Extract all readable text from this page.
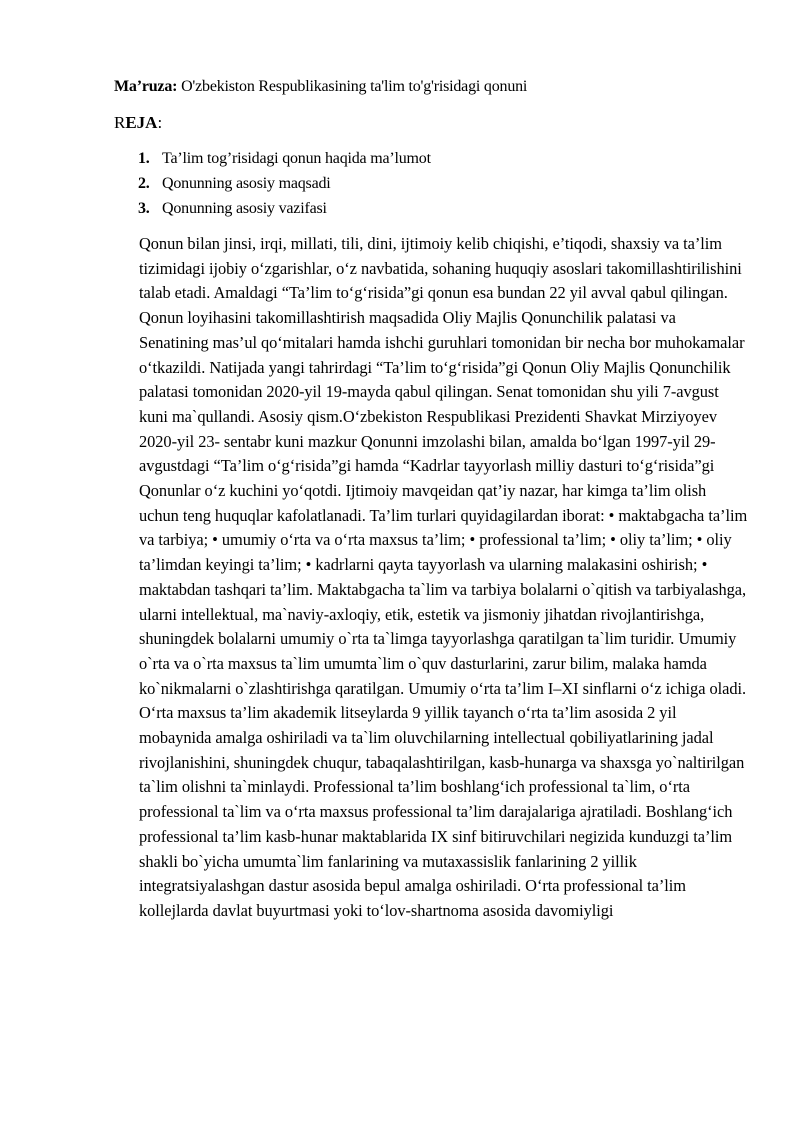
Ma’ruza: O'zbekiston Respublikasining ta'lim to'g'risidagi qonuni
REJA:
1. Ta’lim tog’risidagi qonun haqida ma’lumot
2. Qonunning asosiy maqsadi
3. Qonunning asosiy vazifasi

Qonun bilan jinsi, irqi, millati, tili, dini, ijtimoiy kelib chiqishi, e’tiqodi, shaxsiy va ta’lim tizimidagi ijobiy oʻzgarishlar, oʻz navbatida, sohaning huquqiy asoslari takomillashtirilishini talab etadi. Amaldagi “Ta’lim toʻgʻrisida”gi qonun esa bundan 22 yil avval qabul qilingan. Qonun loyihasini takomillashtirish maqsadida Oliy Majlis Qonunchilik palatasi va Senatining mas’ul qoʻmitalari hamda ishchi guruhlari tomonidan bir necha bor muhokamalar oʻtkazildi. Natijada yangi tahrirdagi “Ta’lim toʻgʻrisida”gi Qonun Oliy Majlis Qonunchilik palatasi tomonidan 2020-yil 19-mayda qabul qilingan. Senat tomonidan shu yili 7-avgust kuni ma`qullandi. Asosiy qism.Oʻzbekiston Respublikasi Prezidenti Shavkat Mirziyoyev 2020-yil 23- sentabr kuni mazkur Qonunni imzolashi bilan, amalda boʻlgan 1997-yil 29-avgustdagi “Ta’lim oʻgʻrisida”gi hamda “Kadrlar tayyorlash milliy dasturi toʻgʻrisida”gi Qonunlar oʻz kuchini yoʻqotdi. Ijtimoiy mavqeidan qat’iy nazar, har kimga ta’lim olish uchun teng huquqlar kafolatlanadi. Ta’lim turlari quyidagilardan iborat: • maktabgacha ta’lim va tarbiya; • umumiy oʻrta va oʻrta maxsus ta’lim; • professional ta’lim; • oliy ta’lim; • oliy ta’limdan keyingi ta’lim; • kadrlarni qayta tayyorlash va ularning malakasini oshirish; • maktabdan tashqari ta’lim. Maktabgacha ta`lim va tarbiya bolalarni o`qitish va tarbiyalashga, ularni intellektual, ma`naviy-axloqiy, etik, estetik va jismoniy jihatdan rivojlantirishga, shuningdek bolalarni umumiy o`rta ta`limga tayyorlashga qaratilgan ta`lim turidir. Umumiy o`rta va o`rta maxsus ta`lim umumta`lim o`quv dasturlarini, zarur bilim, malaka hamda ko`nikmalarni o`zlashtirishga qaratilgan. Umumiy oʻrta ta’lim I–XI sinflarni oʻz ichiga oladi. Oʻrta maxsus ta’lim akademik litseylarda 9 yillik tayanch oʻrta ta’lim asosida 2 yil mobaynida amalga oshiriladi va ta`lim oluvchilarning intellectual qobiliyatlarining jadal rivojlanishini, shuningdek chuqur, tabaqalashtirilgan, kasb-hunarga va shaxsga yo`naltirilgan ta`lim olishni ta`minlaydi. Professional ta’lim boshlangʻich professional ta`lim, oʻrta professional ta`lim va oʻrta maxsus professional ta’lim darajalariga ajratiladi. Boshlangʻich professional ta’lim kasb-hunar maktablarida IX sinf bitiruvchilari negizida kunduzgi ta’lim shakli bo`yicha umumta`lim fanlarining va mutaxassislik fanlarining 2 yillik integratsiyalashgan dastur asosida bepul amalga oshiriladi. Oʻrta professional ta’lim kollejlarda davlat buyurtmasi yoki toʻlov-shartnoma asosida davomiyligi
